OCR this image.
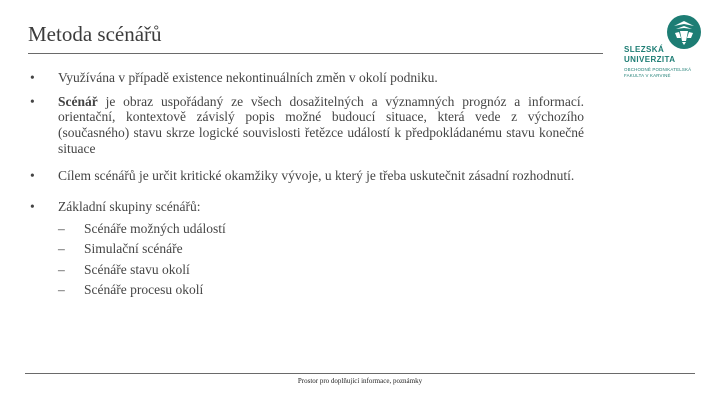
Metoda scénářů
SLEZSKÁ
UNIVERZITA
OBCHODNĚ PODNIKATELSKÁ
FAKULTA V KARVINÉ
• Využívána v případě existence nekontinuálních změn v okolí podniku.
• Scénář je obraz uspořádaný ze všech dosažitelných a významných prognóz a informací. orientační, kontextově závislý popis možné budoucí situace, která vede z výchozího (současného) stavu skrze logické souvislosti řetězce událostí k předpokládanému stavu konečné situace
• Cílem scénářů je určit kritické okamžiky vývoje, u který je třeba uskutečnit zásadní rozhodnutí.
• Základní skupiny scénářů:
– Scénáře možných událostí
– Simulační scénáře
– Scénáře stavu okolí
– Scénáře procesu okolí
Prostor pro doplňující informace, poznámky
